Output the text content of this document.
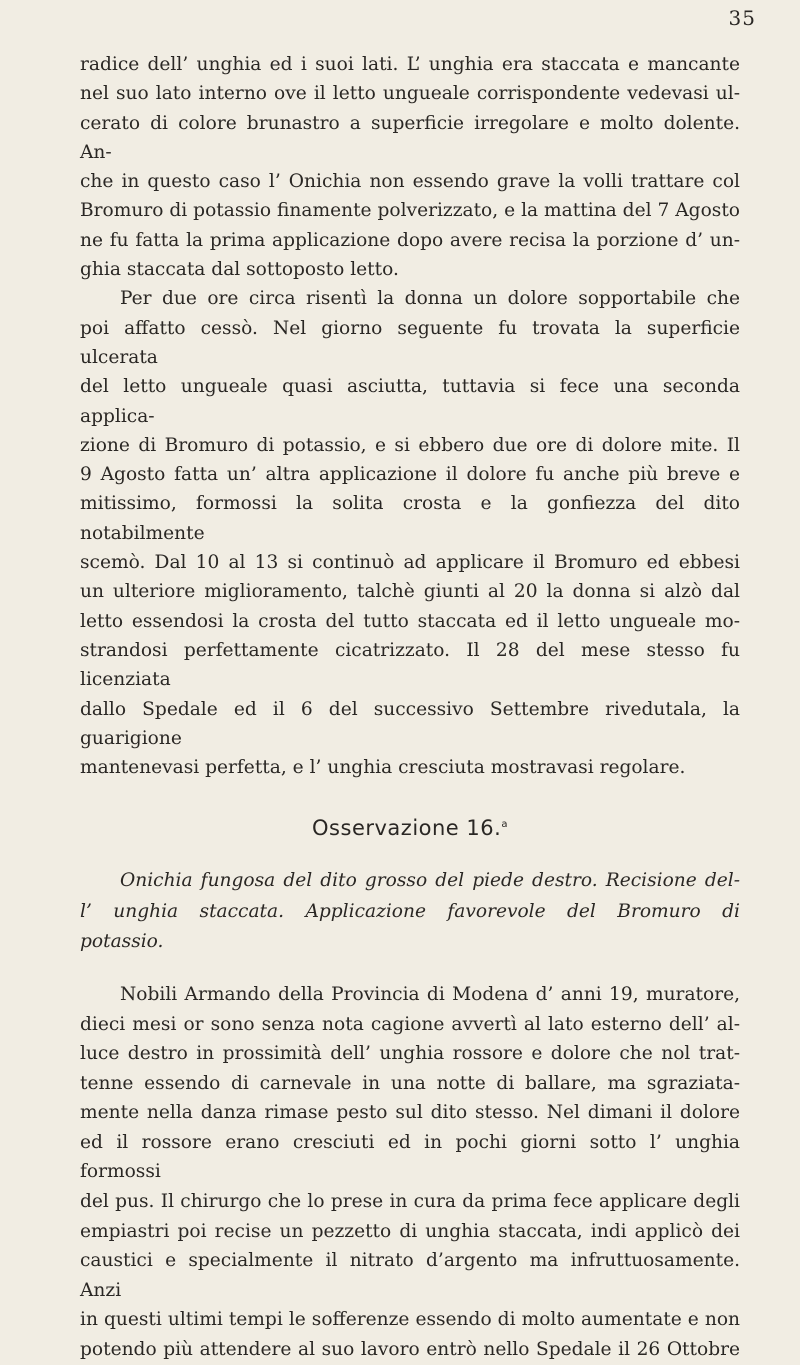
35
radice dell’ unghia ed i suoi lati. L’ unghia era staccata e mancante
nel suo lato interno ove il letto ungueale corrispondente vedevasi ul-
cerato di colore brunastro a superficie irregolare e molto dolente. An-
che in questo caso l’ Onichia non essendo grave la volli trattare col
Bromuro di potassio finamente polverizzato, e la mattina del 7 Agosto
ne fu fatta la prima applicazione dopo avere recisa la porzione d’ un-
ghia staccata dal sottoposto letto.
Per due ore circa risentì la donna un dolore sopportabile che
poi affatto cessò. Nel giorno seguente fu trovata la superficie ulcerata
del letto ungueale quasi asciutta, tuttavia si fece una seconda applica-
zione di Bromuro di potassio, e si ebbero due ore di dolore mite. Il
9 Agosto fatta un’ altra applicazione il dolore fu anche più breve e
mitissimo, formossi la solita crosta e la gonfiezza del dito notabilmente
scemò. Dal 10 al 13 si continuò ad applicare il Bromuro ed ebbesi
un ulteriore miglioramento, talchè giunti al 20 la donna si alzò dal
letto essendosi la crosta del tutto staccata ed il letto ungueale mo-
strandosi perfettamente cicatrizzato. Il 28 del mese stesso fu licenziata
dallo Spedale ed il 6 del successivo Settembre rivedutala, la guarigione
mantenevasi perfetta, e l’ unghia cresciuta mostravasi regolare.
Osservazione 16.$^a$
Onichia fungosa del dito grosso del piede destro. Recisione del-
l’ unghia staccata. Applicazione favorevole del Bromuro di
potassio.
Nobili Armando della Provincia di Modena d’ anni 19, muratore,
dieci mesi or sono senza nota cagione avvertì al lato esterno dell’ al-
luce destro in prossimità dell’ unghia rossore e dolore che nol trat-
tenne essendo di carnevale in una notte di ballare, ma sgraziata-
mente nella danza rimase pesto sul dito stesso. Nel dimani il dolore
ed il rossore erano cresciuti ed in pochi giorni sotto l’ unghia formossi
del pus. Il chirurgo che lo prese in cura da prima fece applicare degli
empiastri poi recise un pezzetto di unghia staccata, indi applicò dei
caustici e specialmente il nitrato d’argento ma infruttuosamente. Anzi
in questi ultimi tempi le sofferenze essendo di molto aumentate e non
potendo più attendere al suo lavoro entrò nello Spedale il 26 Ottobre
